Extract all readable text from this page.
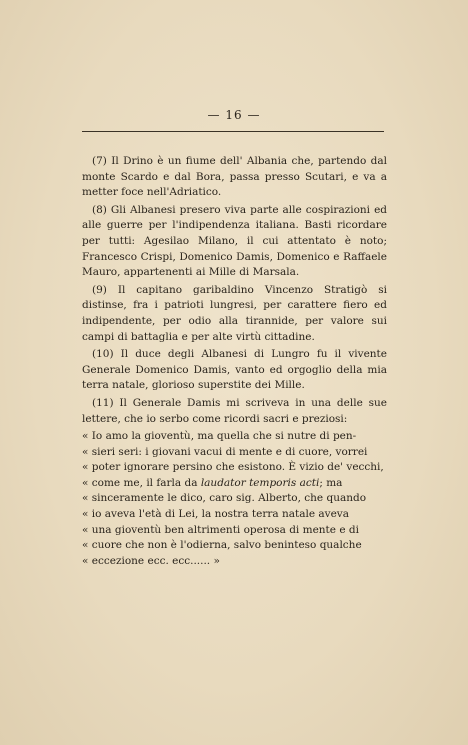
— 16 —

(7) Il Drino è un fiume dell' Albania che, partendo dal monte Scardo e dal Bora, passa presso Scutari, e va a metter foce nell'Adriatico.

(8) Gli Albanesi presero viva parte alle cospirazioni ed alle guerre per l'indipendenza italiana. Basti ricordare per tutti: Agesilao Milano, il cui attentato è noto; Francesco Crispi, Domenico Damis, Domenico e Raffaele Mauro, appartenenti ai Mille di Marsala.

(9) Il capitano garibaldino Vincenzo Stratigò si distinse, fra i patrioti lungresi, per carattere fiero ed indipendente, per odio alla tirannide, per valore sui campi di battaglia e per alte virtù cittadine.

(10) Il duce degli Albanesi di Lungro fu il vivente Generale Domenico Damis, vanto ed orgoglio della mia terra natale, glorioso superstite dei Mille.

(11) Il Generale Damis mi scriveva in una delle sue lettere, che io serbo come ricordi sacri e preziosi:

« Io amo la gioventù, ma quella che si nutre di pen-
« sieri seri: i giovani vacui di mente e di cuore, vorrei
« poter ignorare persino che esistono. È vizio de' vecchi,
« come me, il farla da laudator temporis acti; ma
« sinceramente le dico, caro sig. Alberto, che quando
« io aveva l'età di Lei, la nostra terra natale aveva
« una gioventù ben altrimenti operosa di mente e di
« cuore che non è l'odierna, salvo beninteso qualche
« eccezione ecc. ecc...... »
